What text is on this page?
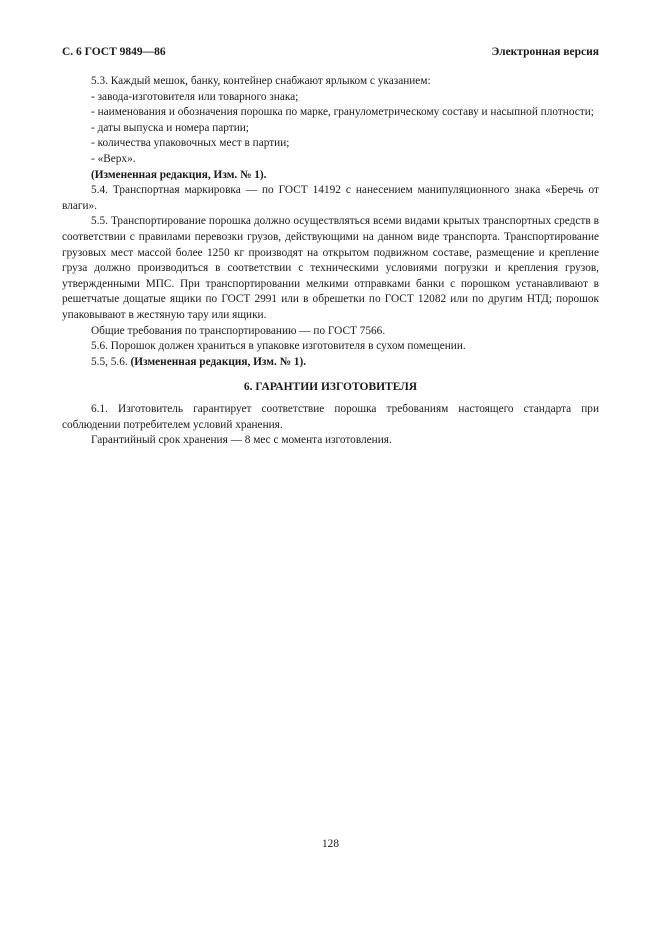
С. 6 ГОСТ 9849—86	Электронная версия

5.3. Каждый мешок, банку, контейнер снабжают ярлыком с указанием:

- завода-изготовителя или товарного знака;

- наименования и обозначения порошка по марке, гранулометрическому составу и насыпной плотности;

- даты выпуска и номера партии;

- количества упаковочных мест в партии;

- «Верх».

(Измененная редакция, Изм. № 1).

5.4. Транспортная маркировка — по ГОСТ 14192 с нанесением манипуляционного знака «Беречь от влаги».

5.5. Транспортирование порошка должно осуществляться всеми видами крытых транспортных средств в соответствии с правилами перевозки грузов, действующими на данном виде транспорта. Транспортирование грузовых мест массой более 1250 кг производят на открытом подвижном составе, размещение и крепление груза должно производиться в соответствии с техническими условиями погрузки и крепления грузов, утвержденными МПС. При транспортировании мелкими отправками банки с порошком устанавливают в решетчатые дощатые ящики по ГОСТ 2991 или в обрешетки по ГОСТ 12082 или по другим НТД; порошок упаковывают в жестяную тару или ящики.

Общие требования по транспортированию — по ГОСТ 7566.

5.6. Порошок должен храниться в упаковке изготовителя в сухом помещении.

5.5, 5.6. (Измененная редакция, Изм. № 1).

6. ГАРАНТИИ ИЗГОТОВИТЕЛЯ

6.1. Изготовитель гарантирует соответствие порошка требованиям настоящего стандарта при соблюдении потребителем условий хранения.

Гарантийный срок хранения — 8 мес с момента изготовления.

128
